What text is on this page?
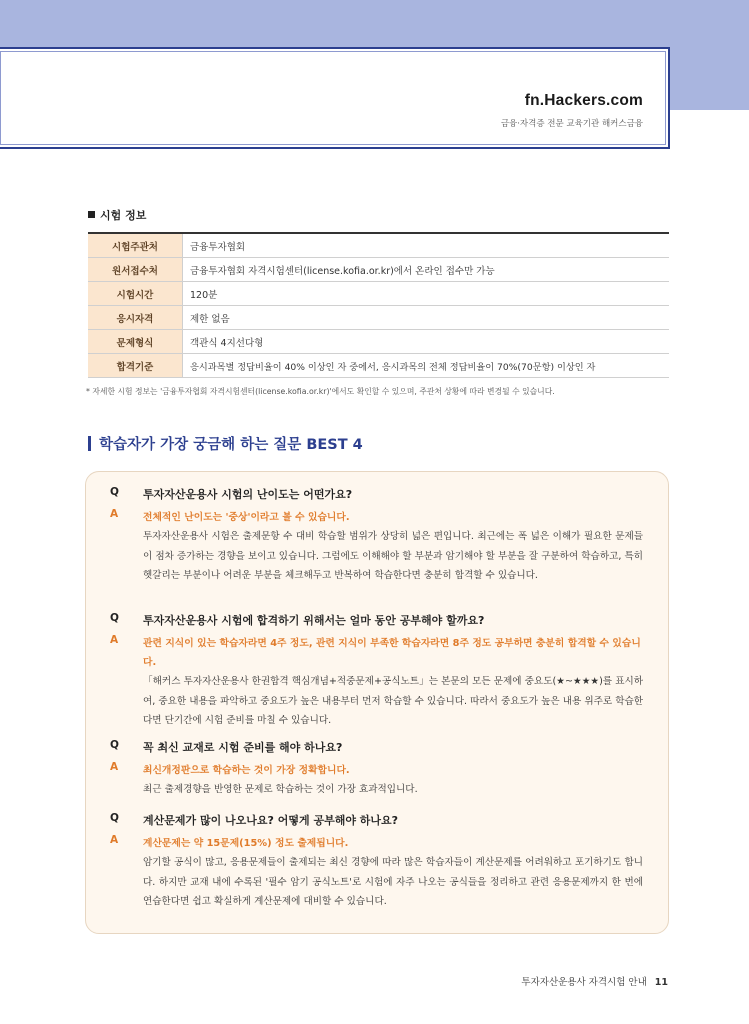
fn.Hackers.com
금융·자격증 전문 교육기관 해커스금융
시험 정보
시험주관처	금융투자협회
원서접수처	금융투자협회 자격시험센터(license.kofia.or.kr)에서 온라인 접수만 가능
시험시간	120분
응시자격	제한 없음
문제형식	객관식 4지선다형
합격기준	응시과목별 정답비율이 40% 이상인 자 중에서, 응시과목의 전체 정답비율이 70%(70문항) 이상인 자
* 자세한 시험 정보는 '금융투자협회 자격시험센터(license.kofia.or.kr)'에서도 확인할 수 있으며, 주관처 상황에 따라 변경될 수 있습니다.
학습자가 가장 궁금해 하는 질문 BEST 4
Q 투자자산운용사 시험의 난이도는 어떤가요?
A	전체적인 난이도는 '중상'이라고 볼 수 있습니다.
투자자산운용사 시험은 출제문항 수 대비 학습할 범위가 상당히 넓은 편입니다. 최근에는 폭 넓은 이해가 필요한 문제들이 점차 증가하는 경향을 보이고 있습니다. 그럼에도 이해해야 할 부분과 암기해야 할 부분을 잘 구분하여 학습하고, 특히 헷갈리는 부분이나 어려운 부분을 체크해두고 반복하여 학습한다면 충분히 합격할 수 있습니다.
Q 투자자산운용사 시험에 합격하기 위해서는 얼마 동안 공부해야 할까요?
A	관련 지식이 있는 학습자라면 4주 정도, 관련 지식이 부족한 학습자라면 8주 정도 공부하면 충분히 합격할 수 있습니다.
「해커스 투자자산운용사 한권합격 핵심개념+적중문제+공식노트」는 본문의 모든 문제에 중요도(★~★★★)를 표시하여, 중요한 내용을 파악하고 중요도가 높은 내용부터 먼저 학습할 수 있습니다. 따라서 중요도가 높은 내용 위주로 학습한다면 단기간에 시험 준비를 마칠 수 있습니다.
Q 꼭 최신 교재로 시험 준비를 해야 하나요?
A	최신개정판으로 학습하는 것이 가장 정확합니다.
최근 출제경향을 반영한 문제로 학습하는 것이 가장 효과적입니다.
Q 계산문제가 많이 나오나요? 어떻게 공부해야 하나요?
A	계산문제는 약 15문제(15%) 정도 출제됩니다.
암기할 공식이 많고, 응용문제들이 출제되는 최신 경향에 따라 많은 학습자들이 계산문제를 어려워하고 포기하기도 합니다. 하지만 교재 내에 수록된 '필수 암기 공식노트'로 시험에 자주 나오는 공식들을 정리하고 관련 응용문제까지 한 번에 연습한다면 쉽고 확실하게 계산문제에 대비할 수 있습니다.
투자자산운용사 자격시험 안내 11
